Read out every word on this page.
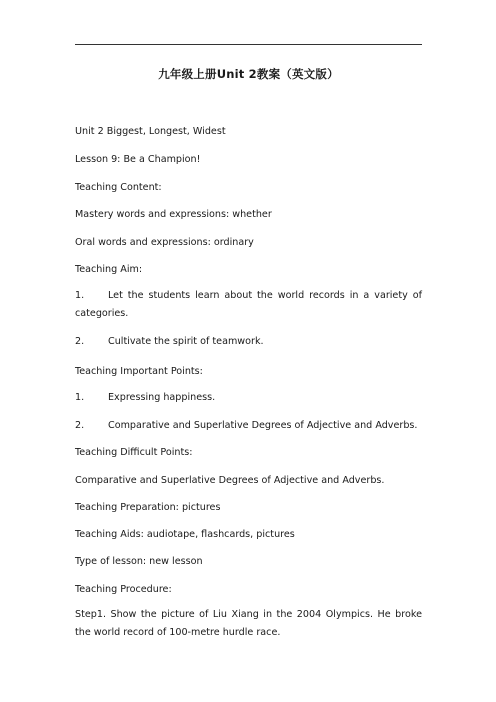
九年级上册Unit 2教案（英文版）
Unit 2 Biggest, Longest, Widest
Lesson 9: Be a Champion!
Teaching Content:
Mastery words and expressions: whether
Oral words and expressions: ordinary
Teaching Aim:
1.	Let the students learn about the world records in a variety of categories.
2. Cultivate the spirit of teamwork.
Teaching Important Points:
1. Expressing happiness.
2. Comparative and Superlative Degrees of Adjective and Adverbs.
Teaching Difficult Points:
Comparative and Superlative Degrees of Adjective and Adverbs.
Teaching Preparation: pictures
Teaching Aids: audiotape, flashcards, pictures
Type of lesson: new lesson
Teaching Procedure:
Step1. Show the picture of Liu Xiang in the 2004 Olympics. He broke the world record of 100-metre hurdle race.
